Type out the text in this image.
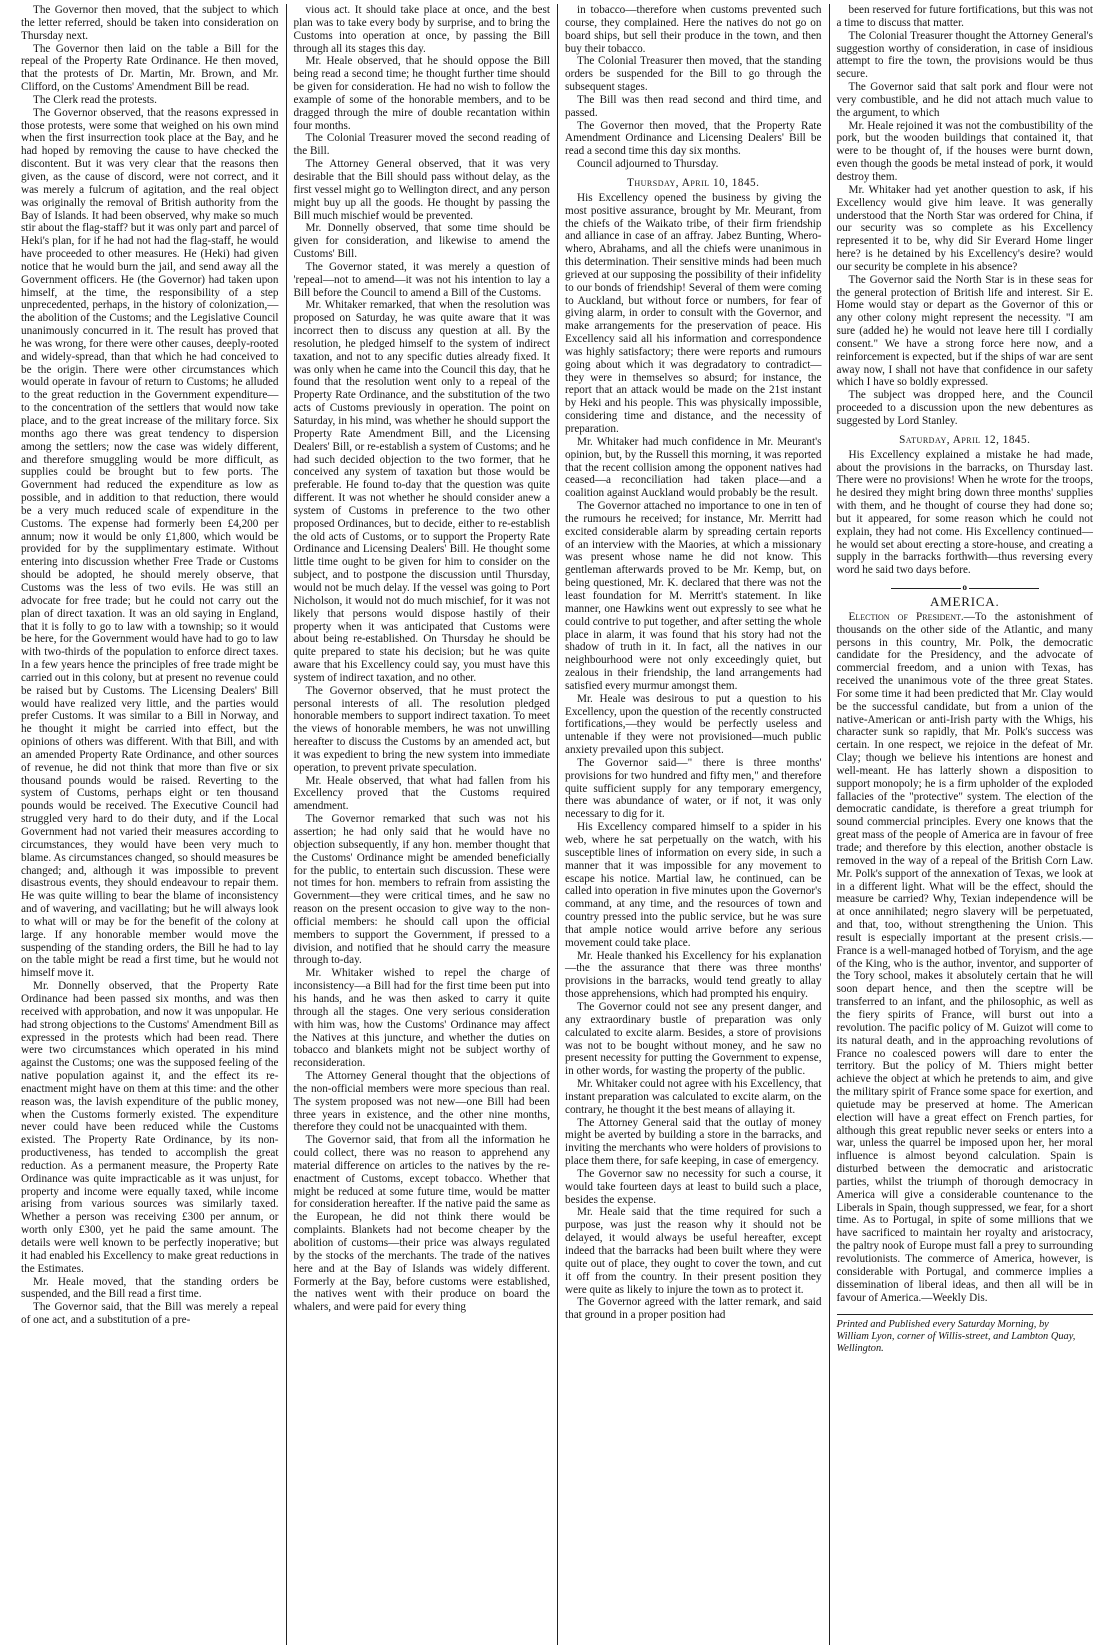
The Governor then moved, that the subject to which the letter referred, should be taken into consideration on Thursday next.

The Governor then laid on the table a Bill for the repeal of the Property Rate Ordinance. He then moved, that the protests of Dr. Martin, Mr. Brown, and Mr. Clifford, on the Customs' Amendment Bill be read.

The Clerk read the protests.

The Governor observed, that the reasons expressed in those protests, were some that weighed on his own mind when the first insurrection took place at the Bay, and he had hoped by removing the cause to have checked the discontent. But it was very clear that the reasons then given, as the cause of discord, were not correct, and it was merely a fulcrum of agitation, and the real object was originally the removal of British authority from the Bay of Islands. It had been observed, why make so much stir about the flag-staff? but it was only part and parcel of Heki's plan, for if he had not had the flag-staff, he would have proceeded to other measures. He (Heki) had given notice that he would burn the jail, and send away all the Government officers. He (the Governor) had taken upon himself, at the time, the responsibility of a step unprecedented, perhaps, in the history of colonization,—the abolition of the Customs; and the Legislative Council unanimously concurred in it. The result has proved that he was wrong, for there were other causes, deeply-rooted and widely-spread, than that which he had conceived to be the origin. There were other circumstances which would operate in favour of return to Customs; he alluded to the great reduction in the Government expenditure—to the concentration of the settlers that would now take place, and to the great increase of the military force. Six months ago there was great tendency to dispersion among the settlers; now the case was widely different, and therefore smuggling would be more difficult, as supplies could be brought but to few ports. The Government had reduced the expenditure as low as possible, and in addition to that reduction, there would be a very much reduced scale of expenditure in the Customs. The expense had formerly been £4,200 per annum; now it would be only £1,800, which would be provided for by the supplimentary estimate. Without entering into discussion whether Free Trade or Customs should be adopted, he should merely observe, that Customs was the less of two evils. He was still an advocate for free trade; but he could not carry out the plan of direct taxation. It was an old saying in England, that it is folly to go to law with a township; so it would be here, for the Government would have had to go to law with two-thirds of the population to enforce direct taxes. In a few years hence the principles of free trade might be carried out in this colony, but at present no revenue could be raised but by Customs. The Licensing Dealers' Bill would have realized very little, and the parties would prefer Customs. It was similar to a Bill in Norway, and he thought it might be carried into effect, but the opinions of others was different. With that Bill, and with an amended Property Rate Ordinance, and other sources of revenue, he did not think that more than five or six thousand pounds would be raised. Reverting to the system of Customs, perhaps eight or ten thousand pounds would be received. The Executive Council had struggled very hard to do their duty, and if the Local Government had not varied their measures according to circumstances, they would have been very much to blame. As circumstances changed, so should measures be changed; and, although it was impossible to prevent disastrous events, they should endeavour to repair them. He was quite willing to bear the blame of inconsistency and of wavering, and vacillating; but he will always look to what will or may be for the benefit of the colony at large. If any honorable member would move the suspending of the standing orders, the Bill he had to lay on the table might be read a first time, but he would not himself move it.

Mr. Donnelly observed, that the Property Rate Ordinance had been passed six months, and was then received with approbation, and now it was unpopular. He had strong objections to the Customs' Amendment Bill as expressed in the protests which had been read. There were two circumstances which operated in his mind against the Customs; one was the supposed feeling of the native population against it, and the effect its re-enactment might have on them at this time: and the other reason was, the lavish expenditure of the public money, when the Customs formerly existed. The expenditure never could have been reduced while the Customs existed. The Property Rate Ordinance, by its non-productiveness, has tended to accomplish the great reduction. As a permanent measure, the Property Rate Ordinance was quite impracticable as it was unjust, for property and income were equally taxed, while income arising from various sources was similarly taxed. Whether a person was receiving £300 per annum, or worth only £300, yet he paid the same amount. The details were well known to be perfectly inoperative; but it had enabled his Excellency to make great reductions in the Estimates.

Mr. Heale moved, that the standing orders be suspended, and the Bill read a first time.

The Governor said, that the Bill was merely a repeal of one act, and a substitution of a pre-

vious act. It should take place at once, and the best plan was to take every body by surprise, and to bring the Customs into operation at once, by passing the Bill through all its stages this day.

Mr. Heale observed, that he should oppose the Bill being read a second time; he thought further time should be given for consideration. He had no wish to follow the example of some of the honorable members, and to be dragged through the mire of double recantation within four months.

The Colonial Treasurer moved the second reading of the Bill.

The Attorney General observed, that it was very desirable that the Bill should pass without delay, as the first vessel might go to Wellington direct, and any person might buy up all the goods. He thought by passing the Bill much mischief would be prevented.

Mr. Donnelly observed, that some time should be given for consideration, and likewise to amend the Customs' Bill.

The Governor stated, it was merely a question of 'repeal—not to amend—it was not his intention to lay a Bill before the Council to amend a Bill of the Customs.

Mr. Whitaker remarked, that when the resolution was proposed on Saturday, he was quite aware that it was incorrect then to discuss any question at all. By the resolution, he pledged himself to the system of indirect taxation, and not to any specific duties already fixed. It was only when he came into the Council this day, that he found that the resolution went only to a repeal of the Property Rate Ordinance, and the substitution of the two acts of Customs previously in operation. The point on Saturday, in his mind, was whether he should support the Property Rate Amendment Bill, and the Licensing Dealers' Bill, or re-establish a system of Customs; and he had such decided objection to the two former, that he conceived any system of taxation but those would be preferable. He found to-day that the question was quite different. It was not whether he should consider anew a system of Customs in preference to the two other proposed Ordinances, but to decide, either to re-establish the old acts of Customs, or to support the Property Rate Ordinance and Licensing Dealers' Bill. He thought some little time ought to be given for him to consider on the subject, and to postpone the discussion until Thursday, would not be much delay. If the vessel was going to Port Nicholson, it would not do much mischief, for it was not likely that persons would dispose hastily of their property when it was anticipated that Customs were about being re-established. On Thursday he should be quite prepared to state his decision; but he was quite aware that his Excellency could say, you must have this system of indirect taxation, and no other.

The Governor observed, that he must protect the personal interests of all. The resolution pledged honorable members to support indirect taxation. To meet the views of honorable members, he was not unwilling hereafter to discuss the Customs by an amended act, but it was expedient to bring the new system into immediate operation, to prevent private speculation.

Mr. Heale observed, that what had fallen from his Excellency proved that the Customs required amendment.

The Governor remarked that such was not his assertion; he had only said that he would have no objection subsequently, if any hon. member thought that the Customs' Ordinance might be amended beneficially for the public, to entertain such discussion. These were not times for hon. members to refrain from assisting the Government—they were critical times, and he saw no reason on the present occasion to give way to the non-official members: he should call upon the official members to support the Government, if pressed to a division, and notified that he should carry the measure through to-day.

Mr. Whitaker wished to repel the charge of inconsistency—a Bill had for the first time been put into his hands, and he was then asked to carry it quite through all the stages. One very serious consideration with him was, how the Customs' Ordinance may affect the Natives at this juncture, and whether the duties on tobacco and blankets might not be subject worthy of reconsideration.

The Attorney General thought that the objections of the non-official members were more specious than real. The system proposed was not new—one Bill had been three years in existence, and the other nine months, therefore they could not be unacquainted with them.

The Governor said, that from all the information he could collect, there was no reason to apprehend any material difference on articles to the natives by the re-enactment of Customs, except tobacco. Whether that might be reduced at some future time, would be matter for consideration hereafter. If the native paid the same as the European, he did not think there would be complaints. Blankets had not become cheaper by the abolition of customs—their price was always regulated by the stocks of the merchants. The trade of the natives here and at the Bay of Islands was widely different. Formerly at the Bay, before customs were established, the natives went with their produce on board the whalers, and were paid for every thing

in tobacco—therefore when customs prevented such course, they complained. Here the natives do not go on board ships, but sell their produce in the town, and then buy their tobacco.

The Colonial Treasurer then moved, that the standing orders be suspended for the Bill to go through the subsequent stages.

The Bill was then read second and third time, and passed.

The Governor then moved, that the Property Rate Amendment Ordinance and Licensing Dealers' Bill be read a second time this day six months.

Council adjourned to Thursday.

Thursday, April 10, 1845.

His Excellency opened the business by giving the most positive assurance, brought by Mr. Meurant, from the chiefs of the Waikato tribe, of their firm friendship and alliance in case of an affray. Jabez Bunting, Whero-whero, Abrahams, and all the chiefs were unanimous in this determination. Their sensitive minds had been much grieved at our supposing the possibility of their infidelity to our bonds of friendship! Several of them were coming to Auckland, but without force or numbers, for fear of giving alarm, in order to consult with the Governor, and make arrangements for the preservation of peace. His Excellency said all his information and correspondence was highly satisfactory; there were reports and rumours going about which it was degradatory to contradict—they were in themselves so absurd; for instance, the report that an attack would be made on the 21st instant by Heki and his people. This was physically impossible, considering time and distance, and the necessity of preparation.

Mr. Whitaker had much confidence in Mr. Meurant's opinion, but, by the Russell this morning, it was reported that the recent collision among the opponent natives had ceased—a reconciliation had taken place—and a coalition against Auckland would probably be the result.

The Governor attached no importance to one in ten of the rumours he received; for instance, Mr. Merritt had excited considerable alarm by spreading certain reports of an interview with the Maories, at which a missionary was present whose name he did not know. This gentleman afterwards proved to be Mr. Kemp, but, on being questioned, Mr. K. declared that there was not the least foundation for M. Merritt's statement. In like manner, one Hawkins went out expressly to see what he could contrive to put together, and after setting the whole place in alarm, it was found that his story had not the shadow of truth in it. In fact, all the natives in our neighbourhood were not only exceedingly quiet, but zealous in their friendship, the land arrangements had satisfied every murmur amongst them.

Mr. Heale was desirous to put a question to his Excellency, upon the question of the recently constructed fortifications,—they would be perfectly useless and untenable if they were not provisioned—much public anxiety prevailed upon this subject.

The Governor said—" there is three months' provisions for two hundred and fifty men," and therefore quite sufficient supply for any temporary emergency, there was abundance of water, or if not, it was only necessary to dig for it.

His Excellency compared himself to a spider in his web, where he sat perpetually on the watch, with his susceptible lines of information on every side, in such a manner that it was impossible for any movement to escape his notice. Martial law, he continued, can be called into operation in five minutes upon the Governor's command, at any time, and the resources of town and country pressed into the public service, but he was sure that ample notice would arrive before any serious movement could take place.

Mr. Heale thanked his Excellency for his explanation—the the assurance that there was three months' provisions in the barracks, would tend greatly to allay those apprehensions, which had prompted his enquiry.

The Governor could not see any present danger, and any extraordinary bustle of preparation was only calculated to excite alarm. Besides, a store of provisions was not to be bought without money, and he saw no present necessity for putting the Government to expense, in other words, for wasting the property of the public.

Mr. Whitaker could not agree with his Excellency, that instant preparation was calculated to excite alarm, on the contrary, he thought it the best means of allaying it.

The Attorney General said that the outlay of money might be averted by building a store in the barracks, and inviting the merchants who were holders of provisions to place them there, for safe keeping, in case of emergency.

The Governor saw no necessity for such a course, it would take fourteen days at least to build such a place, besides the expense.

Mr. Heale said that the time required for such a purpose, was just the reason why it should not be delayed, it would always be useful hereafter, except indeed that the barracks had been built where they were quite out of place, they ought to cover the town, and cut it off from the country. In their present position they were quite as likely to injure the town as to protect it.

The Governor agreed with the latter remark, and said that ground in a proper position had

been reserved for future fortifications, but this was not a time to discuss that matter.

The Colonial Treasurer thought the Attorney General's suggestion worthy of consideration, in case of insidious attempt to fire the town, the provisions would be thus secure.

The Governor said that salt pork and flour were not very combustible, and he did not attach much value to the argument, to which

Mr. Heale rejoined it was not the combustibility of the pork, but the wooden buildings that contained it, that were to be thought of, if the houses were burnt down, even though the goods be metal instead of pork, it would destroy them.

Mr. Whitaker had yet another question to ask, if his Excellency would give him leave. It was generally understood that the North Star was ordered for China, if our security was so complete as his Excellency represented it to be, why did Sir Everard Home linger here? is he detained by his Excellency's desire? would our security be complete in his absence?

The Governor said the North Star is in these seas for the general protection of British life and interest. Sir E. Home would stay or depart as the Governor of this or any other colony might represent the necessity. "I am sure (added he) he would not leave here till I cordially consent." We have a strong force here now, and a reinforcement is expected, but if the ships of war are sent away now, I shall not have that confidence in our safety which I have so boldly expressed.

The subject was dropped here, and the Council proceeded to a discussion upon the new debentures as suggested by Lord Stanley.

Saturday, April 12, 1845.

His Excellency explained a mistake he had made, about the provisions in the barracks, on Thursday last. There were no provisions! When he wrote for the troops, he desired they might bring down three months' supplies with them, and he thought of course they had done so; but it appeared, for some reason which he could not explain, they had not come. His Excellency continued—he would set about erecting a store-house, and creating a supply in the barracks forthwith—thus reversing every word he said two days before.

o
AMERICA.

Election of President.—To the astonishment of thousands on the other side of the Atlantic, and many persons in this country, Mr. Polk, the democratic candidate for the Presidency, and the advocate of commercial freedom, and a union with Texas, has received the unanimous vote of the three great States. For some time it had been predicted that Mr. Clay would be the successful candidate, but from a union of the native-American or anti-Irish party with the Whigs, his character sunk so rapidly, that Mr. Polk's success was certain. In one respect, we rejoice in the defeat of Mr. Clay; though we believe his intentions are honest and well-meant. He has latterly shown a disposition to support monopoly; he is a firm upholder of the exploded fallacies of the "protective" system. The election of the democratic candidate, is therefore a great triumph for sound commercial principles. Every one knows that the great mass of the people of America are in favour of free trade; and therefore by this election, another obstacle is removed in the way of a repeal of the British Corn Law. Mr. Polk's support of the annexation of Texas, we look at in a different light. What will be the effect, should the measure be carried? Why, Texian independence will be at once annihilated; negro slavery will be perpetuated, and that, too, without strengthening the Union. This result is especially important at the present crisis.—France is a well-managed hotbed of Toryism, and the age of the King, who is the author, inventor, and supporter of the Tory school, makes it absolutely certain that he will soon depart hence, and then the sceptre will be transferred to an infant, and the philosophic, as well as the fiery spirits of France, will burst out into a revolution. The pacific policy of M. Guizot will come to its natural death, and in the approaching revolutions of France no coalesced powers will dare to enter the territory. But the policy of M. Thiers might better achieve the object at which he pretends to aim, and give the military spirit of France some space for exertion, and quietude may be preserved at home. The American election will have a great effect on French parties, for although this great republic never seeks or enters into a war, unless the quarrel be imposed upon her, her moral influence is almost beyond calculation. Spain is disturbed between the democratic and aristocratic parties, whilst the triumph of thorough democracy in America will give a considerable countenance to the Liberals in Spain, though suppressed, we fear, for a short time. As to Portugal, in spite of some millions that we have sacrificed to maintain her royalty and aristocracy, the paltry nook of Europe must fall a prey to surrounding revolutionists. The commerce of America, however, is considerable with Portugal, and commerce implies a dissemination of liberal ideas, and then all will be in favour of America.—Weekly Dis.

Printed and Published every Saturday Morning, by
William Lyon, corner of Willis-street, and Lambton Quay, Wellington.
